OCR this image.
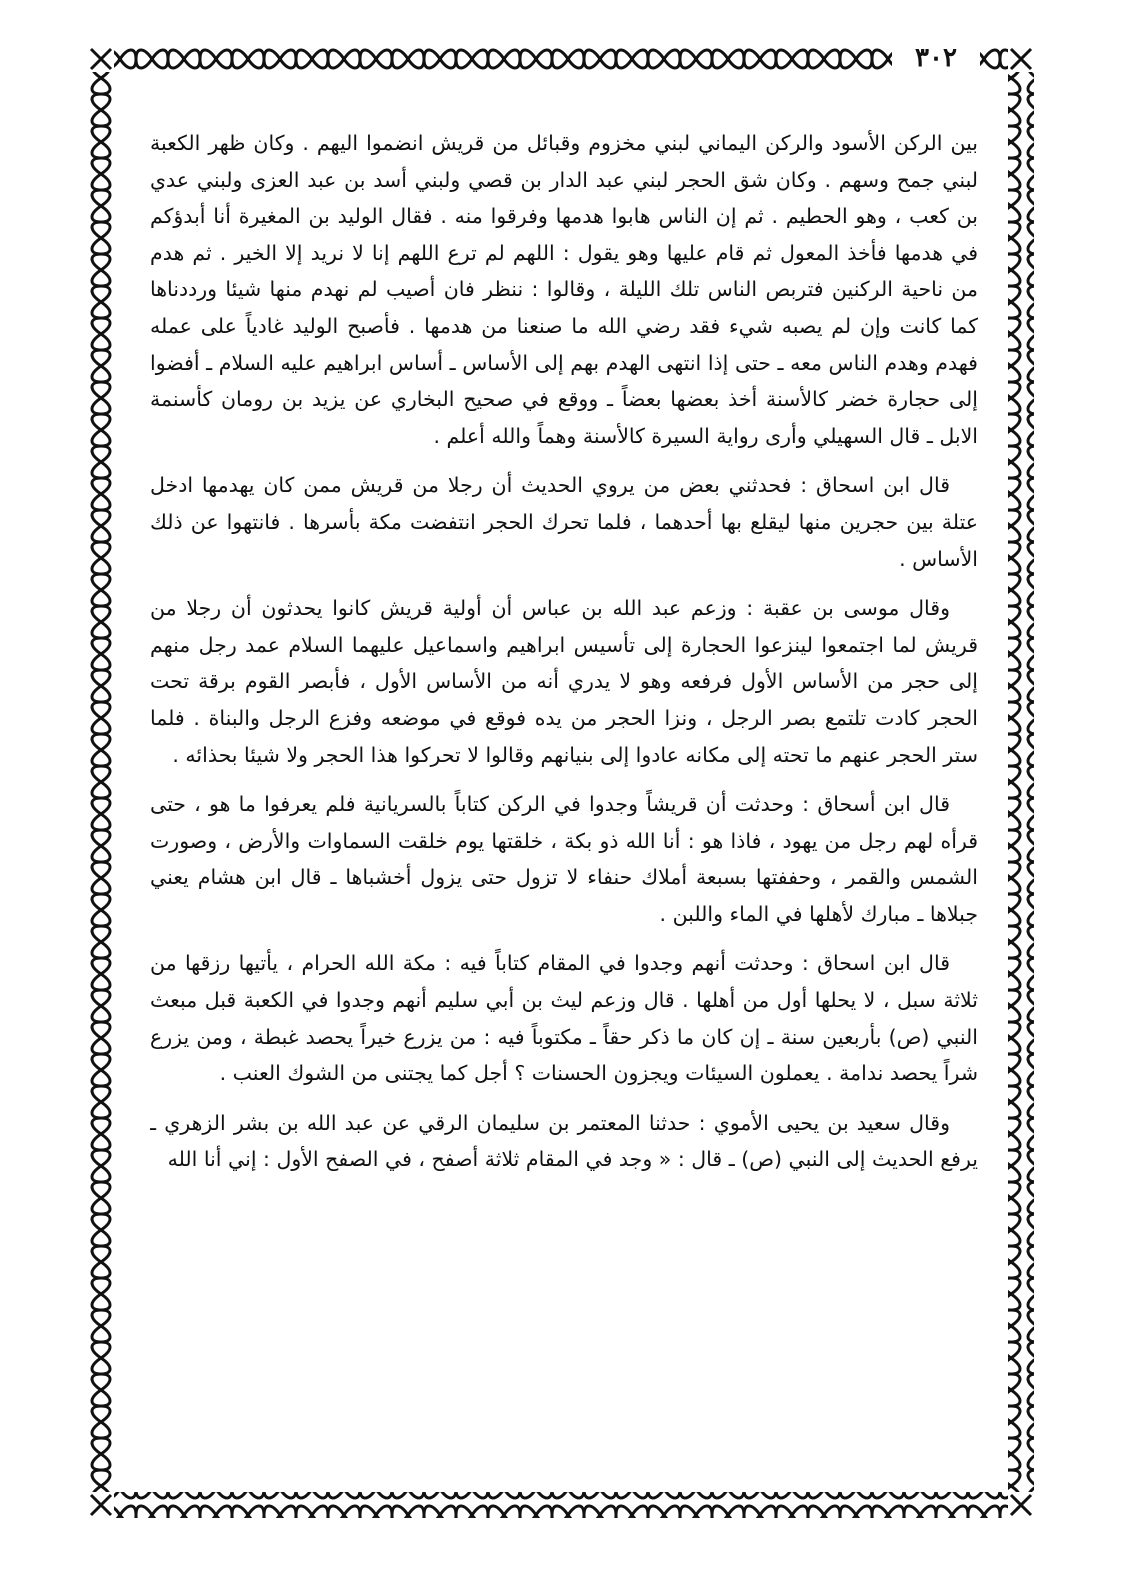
٣٠٢

بين الركن الأسود والركن اليماني لبني مخزوم وقبائل من قريش انضموا اليهم . وكان ظهر الكعبة لبني جمح وسهم . وكان شق الحجر لبني عبد الدار بن قصي ولبني أسد بن عبد العزى ولبني عدي بن كعب ، وهو الحطيم . ثم إن الناس هابوا هدمها وفرقوا منه . فقال الوليد بن المغيرة أنا أبدؤكم في هدمها فأخذ المعول ثم قام عليها وهو يقول : اللهم لم ترع اللهم إنا لا نريد إلا الخير . ثم هدم من ناحية الركنين فتربص الناس تلك الليلة ، وقالوا : ننظر فان أصيب لم نهدم منها شيئا ورددناها كما كانت وإن لم يصبه شيء فقد رضي الله ما صنعنا من هدمها . فأصبح الوليد غادياً على عمله فهدم وهدم الناس معه ـ حتى إذا انتهى الهدم بهم إلى الأساس ـ أساس ابراهيم عليه السلام ـ أفضوا إلى حجارة خضر كالأسنة أخذ بعضها بعضاً ـ ووقع في صحيح البخاري عن يزيد بن رومان كأسنمة الابل ـ قال السهيلي وأرى رواية السيرة كالأسنة وهماً والله أعلم .

قال ابن اسحاق : فحدثني بعض من يروي الحديث أن رجلا من قريش ممن كان يهدمها ادخل عتلة بين حجرين منها ليقلع بها أحدهما ، فلما تحرك الحجر انتفضت مكة بأسرها . فانتهوا عن ذلك الأساس .

وقال موسى بن عقبة : وزعم عبد الله بن عباس أن أولية قريش كانوا يحدثون أن رجلا من قريش لما اجتمعوا لينزعوا الحجارة إلى تأسيس ابراهيم واسماعيل عليهما السلام عمد رجل منهم إلى حجر من الأساس الأول فرفعه وهو لا يدري أنه من الأساس الأول ، فأبصر القوم برقة تحت الحجر كادت تلتمع بصر الرجل ، ونزا الحجر من يده فوقع في موضعه وفزع الرجل والبناة . فلما ستر الحجر عنهم ما تحته إلى مكانه عادوا إلى بنيانهم وقالوا لا تحركوا هذا الحجر ولا شيئا بحذائه .

قال ابن أسحاق : وحدثت أن قريشاً وجدوا في الركن كتاباً بالسريانية فلم يعرفوا ما هو ، حتى قرأه لهم رجل من يهود ، فاذا هو : أنا الله ذو بكة ، خلقتها يوم خلقت السماوات والأرض ، وصورت الشمس والقمر ، وحففتها بسبعة أملاك حنفاء لا تزول حتى يزول أخشباها ـ قال ابن هشام يعني جبلاها ـ مبارك لأهلها في الماء واللبن .

قال ابن اسحاق : وحدثت أنهم وجدوا في المقام كتاباً فيه : مكة الله الحرام ، يأتيها رزقها من ثلاثة سبل ، لا يحلها أول من أهلها . قال وزعم ليث بن أبي سليم أنهم وجدوا في الكعبة قبل مبعث النبي (ص) بأربعين سنة ـ إن كان ما ذكر حقاً ـ مكتوباً فيه : من يزرع خيراً يحصد غبطة ، ومن يزرع شراً يحصد ندامة . يعملون السيئات ويجزون الحسنات ؟ أجل كما يجتنى من الشوك العنب .

وقال سعيد بن يحيى الأموي : حدثنا المعتمر بن سليمان الرقي عن عبد الله بن بشر الزهري ـ يرفع الحديث إلى النبي (ص) ـ قال : « وجد في المقام ثلاثة أصفح ، في الصفح الأول : إني أنا الله
